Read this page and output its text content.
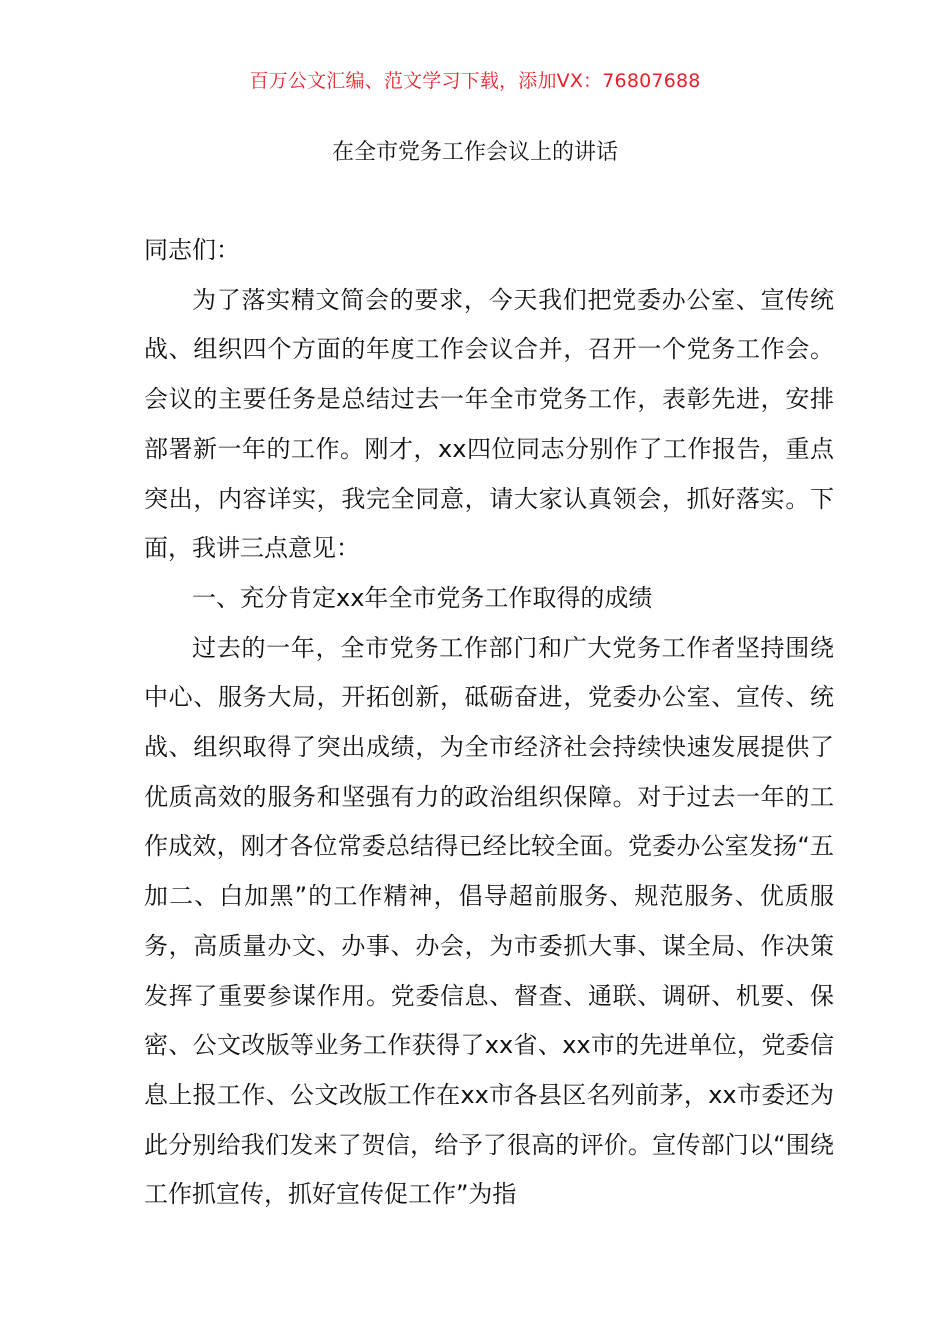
百万公文汇编、范文学习下载，添加VX：76807688
在全市党务工作会议上的讲话

同志们：

为了落实精文简会的要求，今天我们把党委办公室、宣传统战、组织四个方面的年度工作会议合并，召开一个党务工作会。会议的主要任务是总结过去一年全市党务工作，表彰先进，安排部署新一年的工作。刚才，xx四位同志分别作了工作报告，重点突出，内容详实，我完全同意，请大家认真领会，抓好落实。下面，我讲三点意见：

一、充分肯定xx年全市党务工作取得的成绩

过去的一年，全市党务工作部门和广大党务工作者坚持围绕中心、服务大局，开拓创新，砥砺奋进，党委办公室、宣传、统战、组织取得了突出成绩，为全市经济社会持续快速发展提供了优质高效的服务和坚强有力的政治组织保障。对于过去一年的工作成效，刚才各位常委总结得已经比较全面。党委办公室发扬“五加二、白加黑”的工作精神，倡导超前服务、规范服务、优质服务，高质量办文、办事、办会，为市委抓大事、谋全局、作决策发挥了重要参谋作用。党委信息、督查、通联、调研、机要、保密、公文改版等业务工作获得了xx省、xx市的先进单位，党委信息上报工作、公文改版工作在xx市各县区名列前茅，xx市委还为此分别给我们发来了贺信，给予了很高的评价。宣传部门以“围绕工作抓宣传，抓好宣传促工作”为指
